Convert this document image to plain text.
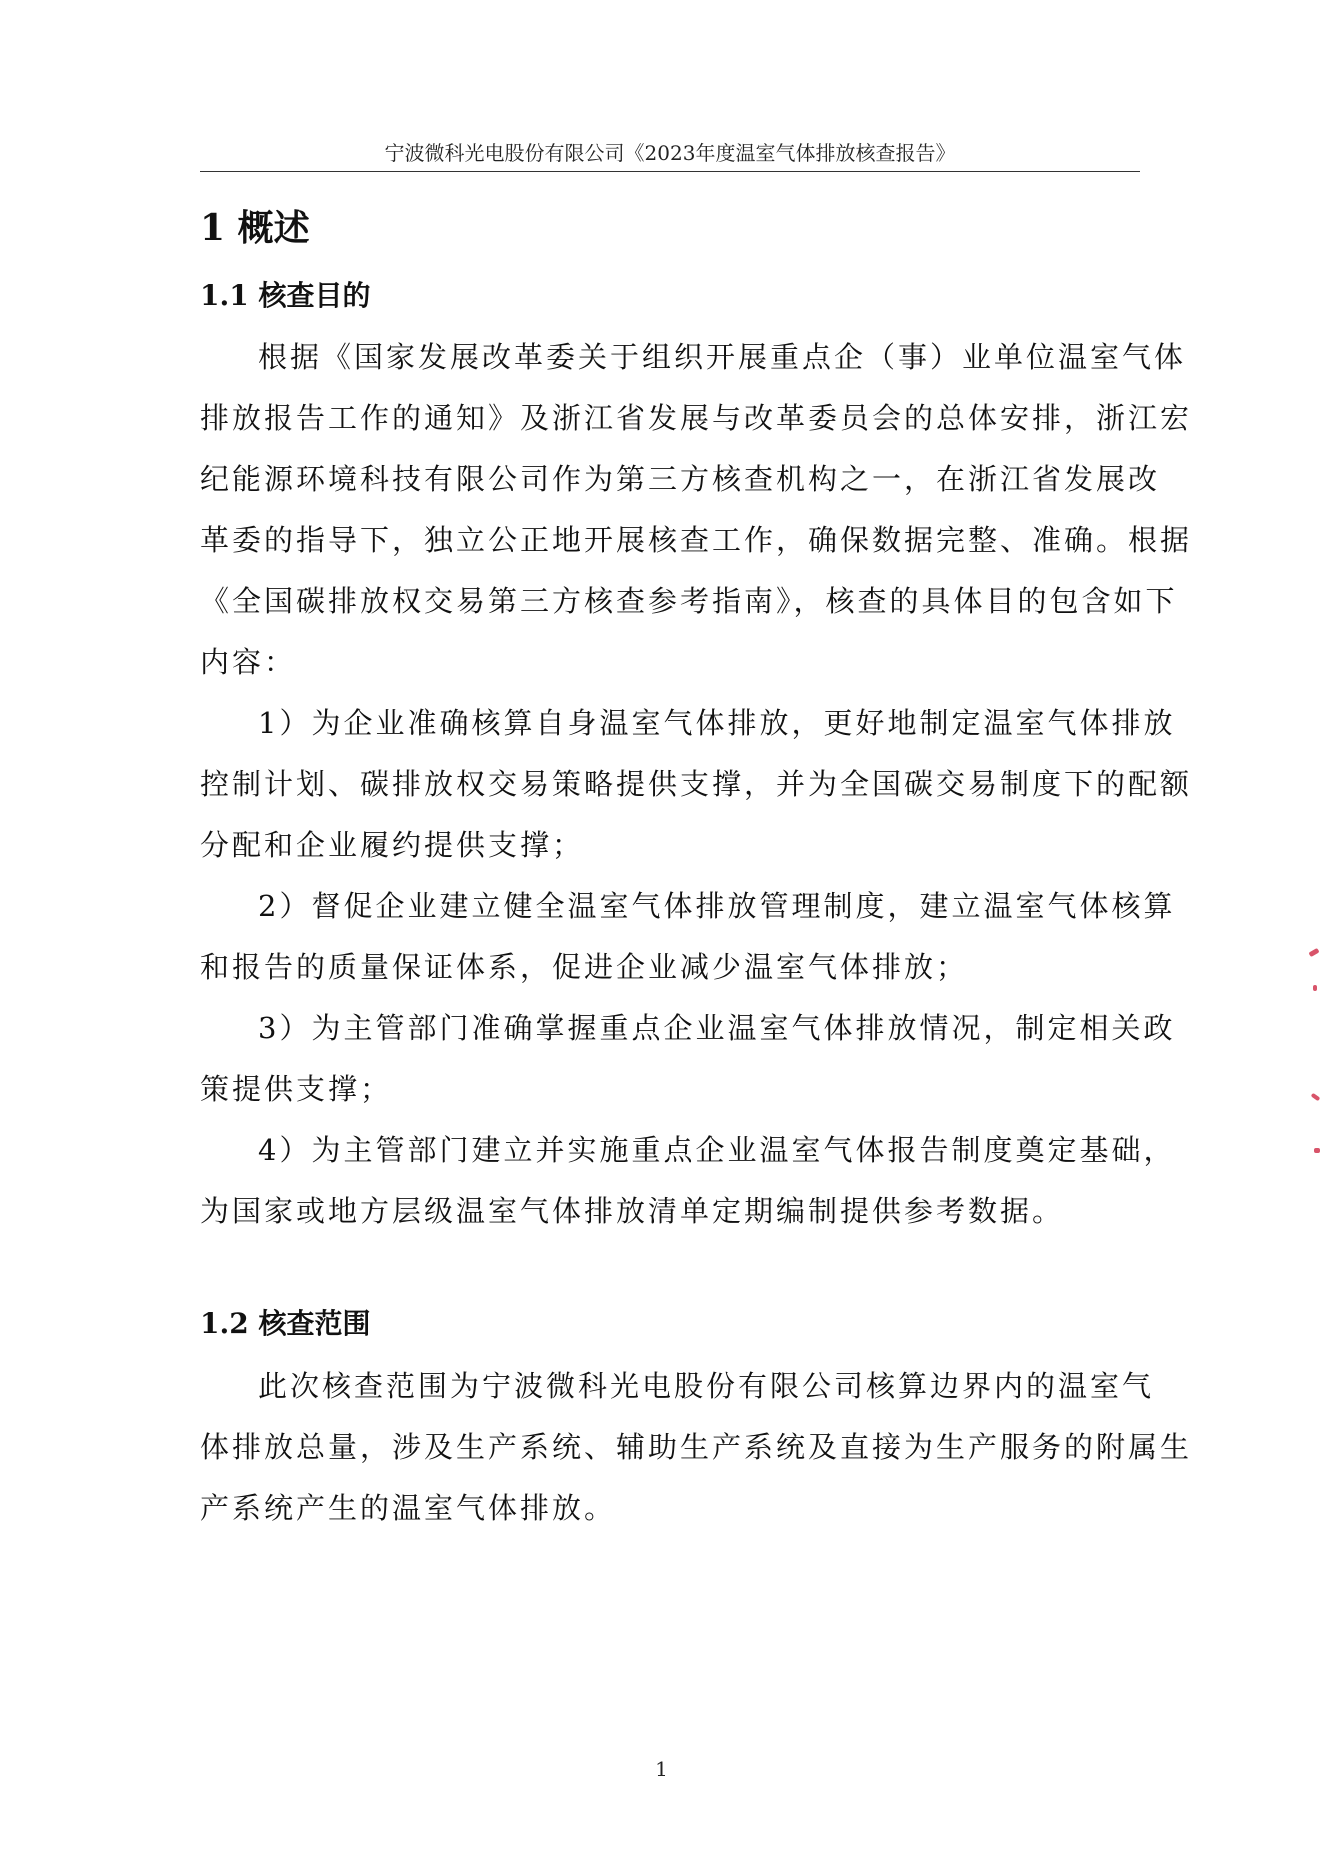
宁波微科光电股份有限公司《2023年度温室气体排放核查报告》
1 概述
1.1 核查目的
根据《国家发展改革委关于组织开展重点企（事）业单位温室气体
排放报告工作的通知》及浙江省发展与改革委员会的总体安排，浙江宏
纪能源环境科技有限公司作为第三方核查机构之一，在浙江省发展改
革委的指导下，独立公正地开展核查工作，确保数据完整、准确。根据
《全国碳排放权交易第三方核查参考指南》，核查的具体目的包含如下
内容：
1）为企业准确核算自身温室气体排放，更好地制定温室气体排放
控制计划、碳排放权交易策略提供支撑，并为全国碳交易制度下的配额
分配和企业履约提供支撑；
2）督促企业建立健全温室气体排放管理制度，建立温室气体核算
和报告的质量保证体系，促进企业减少温室气体排放；
3）为主管部门准确掌握重点企业温室气体排放情况，制定相关政
策提供支撑；
4）为主管部门建立并实施重点企业温室气体报告制度奠定基础，
为国家或地方层级温室气体排放清单定期编制提供参考数据。
1.2 核查范围
此次核查范围为宁波微科光电股份有限公司核算边界内的温室气
体排放总量，涉及生产系统、辅助生产系统及直接为生产服务的附属生
产系统产生的温室气体排放。
1
